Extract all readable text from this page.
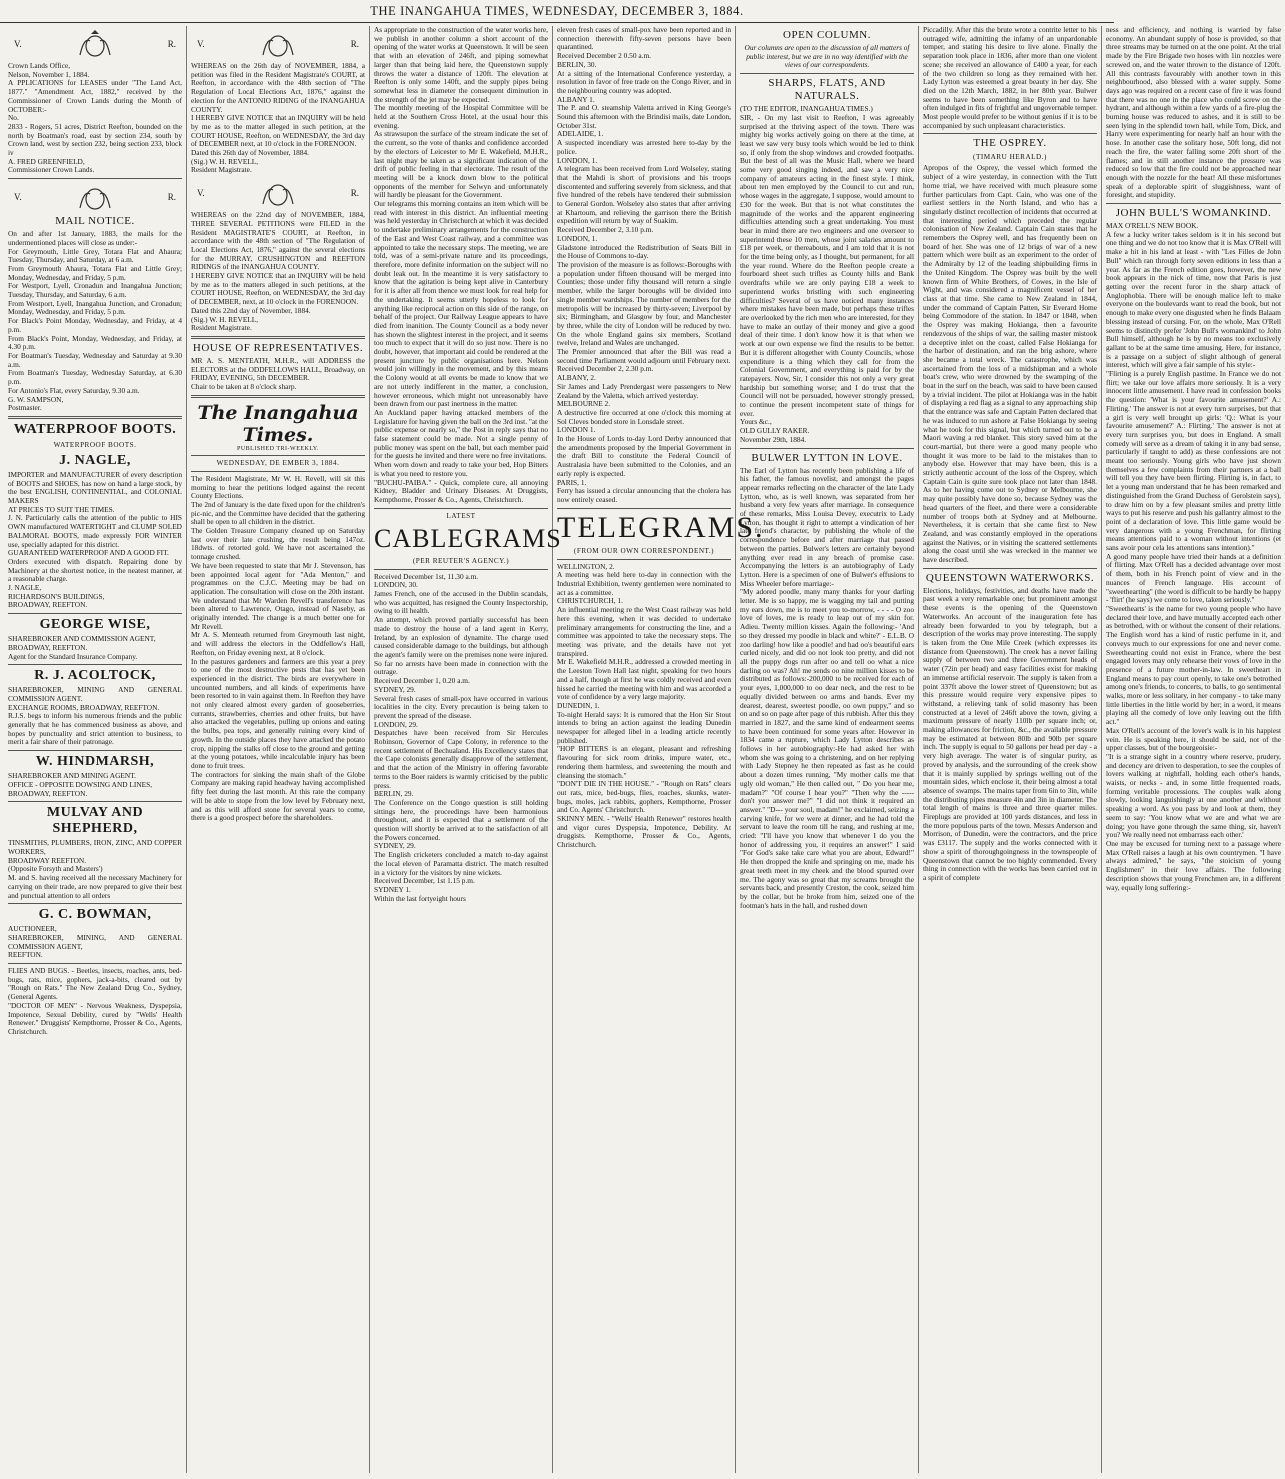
THE INANGAHUA TIMES, WEDNESDAY, DECEMBER 3, 1884.
V.	R.

Crown Lands Office,
Nelson, November 1, 1884.
A PPLICATIONS for LEASES under "The Land Act, 1877." "Amendment Act, 1882," received by the Commissioner of Crown Lands during the Month of OCTOBER:-
No.
2833 - Rogers, 51 acres, District Reefton, bounded on the north by Boatman's road, east by section 234, south by Crown land, west by section 232, being section 233, block iv
A. FRED GREENFIELD,
Commissioner Crown Lands.

V.	R.
MAIL NOTICE.

On and after 1st January, 1883, the mails for the undermentioned places will close as under:-
For Greymouth, Little Grey, Totara Flat and Ahaura; Tuesday, Thursday, and Saturday, at 6 a.m.
From Greymouth Ahaura, Totara Flat and Little Grey; Monday, Wednesday, and Friday, 5 p.m.
For Westport, Lyell, Cronadun and Inangahua Junction; Tuesday, Thursday, and Saturday, 6 a.m.
From Westport, Lyell, Inangahua Junction, and Cronadun; Monday, Wednesday, and Friday, 5 p.m.
For Black's Point Monday, Wednesday, and Friday, at 4 p.m.
From Black's Point, Monday, Wednesday, and Friday, at 4.30 p.m.
For Boatman's Tuesday, Wednesday and Saturday at 9.30 a.m.
From Boatman's Tuesday, Wednesday Saturday, at 6.30 p.m.
For Antonio's Flat, every Saturday, 9.30 a.m.
G. W. SAMPSON,
Postmaster.

WATERPROOF BOOTS.
WATERPROOF BOOTS.
J. NAGLE,

IMPORTER and MANUFACTURER of every description of BOOTS and SHOES, has now on hand a large stock, by the best ENGLISH, CONTINENTIAL, and COLONIAL MAKERS
AT PRICES TO SUIT THE TIMES.
J. N. Particularly calls the attention of the public to HIS OWN manufactured WATERTIGHT and CLUMP SOLED BALMORAL BOOTS, made expressly FOR WINTER use, specially adapted for this district.
GUARANTEED WATERPROOF AND A GOOD FIT.
Orders executed with dispatch. Repairing done by Machinery at the shortest notice, in the neatest manner, at a reasonable charge.
J. NAGLE,
RICHARDSON'S BUILDINGS,
BROADWAY, REEFTON.

GEORGE WISE,

SHAREBROKER AND COMMISSION AGENT,
BROADWAY, REEFTON.
Agent for the Standard Insurance Company.

R. J. ACOLTOCK,

SHAREBROKER, MINING AND GENERAL COMMISSION AGENT.
EXCHANGE ROOMS, BROADWAY, REEFTON.
R.J.S. begs to inform his numerous friends and the public generally that he has commenced business as above, and hopes by punctuality and strict attention to business, to merit a fair share of their patronage.

W. HINDMARSH,

SHAREBROKER AND MINING AGENT.
OFFICE - OPPOSITE DOWSING AND LINES,
BROADWAY, REEFTON.

MULVAY AND SHEPHERD,

TINSMITHS, PLUMBERS, IRON, ZINC, AND COPPER WORKERS,
BROADWAY REEFTON.
(Opposite Forsyth and Masters')
M. and S. having received all the necessary Machinery for carrying on their trade, are now prepared to give their best and punctual attention to all orders

G. C. BOWMAN,

AUCTIONEER,
SHAREBROKER, MINING, AND GENERAL COMMISSION AGENT,
REEFTON.

FLIES AND BUGS. - Beetles, insects, roaches, ants, bed-bugs, rats, mice, gophers, jack-a-bits, cleared out by "Rough on Rats." The New Zealand Drug Co., Sydney, (General Agents.
"DOCTOR OF MEN" - Nervous Weakness, Dyspepsia, Impotence, Sexual Debility, cured by "Wells' Health Renewer." Druggists' Kempthorne, Prosser & Co., Agents, Christchurch.

V.	R.

WHEREAS on the 26th day of NOVEMBER, 1884, a petition was filed in the Resident Magistrate's COURT, at Reefton, in accordance with the 48th section of "The Regulation of Local Elections Act, 1876," against the election for the ANTONIO RIDING of the INANGAHUA COUNTY.
I HEREBY GIVE NOTICE that an INQUIRY will be held by me as to the matter alleged in such petition, at the COURT HOUSE, Reefton, on WEDNESDAY, the 3rd day of DECEMBER next, at 10 o'clock in the FORENOON.
Dated this 26th day of November, 1884.
(Sig.) W. H. REVELL,
Resident Magistrate.

V.	R.

WHEREAS on the 22nd day of NOVEMBER, 1884, THREE SEVERAL PETITIONS were FILED in the Resident MAGISTRATE'S COURT, at Reefton, in accordance with the 48th section of "The Regulation of Local Elections Act, 1876," against the several elections for the MURRAY, CRUSHINGTON and REEFTON RIDINGS of the INANGAHUA COUNTY.
I HEREBY GIVE NOTICE that an INQUIRY will be held by me as to the matters alleged in such petitions, at the COURT HOUSE, Reefton, on WEDNESDAY, the 3rd day of DECEMBER, next, at 10 o'clock in the FORENOON.
Dated this 22nd day of November, 1884.
(Sig.) W. H. REVELL,
Resident Magistrate.

HOUSE OF REPRESENTATIVES.

MR A. S. MENTEATH, M.H.R., will ADDRESS the ELECTORS at the ODDFELLOWS HALL, Broadway, on FRIDAY, EVENING, 5th DECEMBER.
Chair to be taken at 8 o'clock sharp.

The Inangahua Times.
PUBLISHED TRI-WEEKLY.
WEDNESDAY, DE EMBER 3, 1884.

The Resident Magistrate, Mr W. H. Revell, will sit this morning to hear the petitions lodged against the recent County Elections.
The 2nd of January is the date fixed upon for the children's pic-nic, and the Committee have decided that the gathering shall be open to all children in the district.
The Golden Treasure Company cleaned up on Saturday last over their late crushing, the result being 147oz. 18dwts. of retorted gold. We have not ascertained the tonnage crushed.
We have been requested to state that Mr J. Stevenson, has been appointed local agent for "Ada Menton," and programmes on the C.J.C. Meeting may be had on application. The consultation will close on the 20th instant.
We understand that Mr Warden Revell's transference has been altered to Lawrence, Otago, instead of Naseby, as originally intended. The change is a much better one for Mr Revell.
Mr A. S. Menteath returned from Greymouth last night, and will address the electors in the Oddfellow's Hall, Reefton, on Friday evening next, at 8 o'clock.
In the pastures gardeners and farmers are this year a prey to one of the most destructive pests that has yet been experienced in the district. The birds are everywhere in uncounted numbers, and all kinds of experiments have been resorted to in vain against them. In Reefton they have not only cleared almost every garden of gooseberries, currants, strawberries, cherries and other fruits, but have also attacked the vegetables, pulling up onions and eating the bulbs, pea tops, and generally ruining every kind of growth. In the outside places they have attacked the potato crop, nipping the stalks off close to the ground and getting at the young potatoes, while incalculable injury has been done to fruit trees.
The contractors for sinking the main shaft of the Globe Company are making rapid headway having accomplished fifty feet during the last month. At this rate the company will be able to stope from the low level by February next, and as this will afford stone for several years to come, there is a good prospect before the shareholders.

As appropriate to the construction of the water works here, we publish in another column a short account of the opening of the water works at Queenstown. It will be seen that with an elevation of 246ft, and piping somewhat larger than that being laid here, the Queenstown supply throws the water a distance of 120ft. The elevation at Reefton is only some 140ft, and the supply pipes being somewhat less in diameter the consequent diminution in the strength of the jet may be expected.
The monthly meeting of the Hospital Committee will be held at the Southern Cross Hotel, at the usual hour this evening.
As strawsupon the surface of the stream indicate the set of the current, so the vote of thanks and confidence accorded by the electors of Leicester to Mr E. Wakefield, M.H.R., last night may be taken as a significant indication of the drift of public feeling in that electorate. The result of the meeting will be a knock down blow to the political opponents of the member for Selwyn and unfortunately will hardly be pleasant for the Government.
Our telegrams this morning contains an item which will be read with interest in this district. An influential meeting was held yesterday in Christchurch at which it was decided to undertake preliminary arrangements for the construction of the East and West Coast railway, and a committee was appointed to take the necessary steps. The meeting, we are told, was of a semi-private nature and its proceedings, therefore, more definite information on the subject will no doubt leak out. In the meantime it is very satisfactory to know that the agitation is being kept alive in Canterbury for it is after all from thence we must look for real help for the undertaking. It seems utterly hopeless to look for anything like reciprocal action on this side of the range, on behalf of the project. Our Railway League appears to have died from inanition. The County Council as a body never has shown the slightest interest in the project, and it seems too much to expect that it will do so just now. There is no doubt, however, that important aid could be rendered at the present juncture by public organisations here. Nelson would join willingly in the movement, and by this means the Colony would at all events be made to know that we are not utterly indifferent in the matter, a conclusion, however erroneous, which might not unreasonably have been drawn from our past inertness in the matter.
An Auckland paper having attacked members of the Legislature for having given the ball on the 3rd inst. "at the public expense or nearly so," the Post in reply says that no false statement could be made. Not a single penny of public money was spent on the ball, but each member paid for the guests he invited and there were no free invitations.
When worn down and ready to take your bed, Hop Bitters is what you need to restore you.
"BUCHU-PAIBA." - Quick, complete cure, all annoying Kidney, Bladder and Urinary Diseases. At Druggists, Kempthorne, Prosser & Co., Agents, Christchurch.

LATEST
CABLEGRAMS
(PER REUTER'S AGENCY.)

Received December 1st, 11.30 a.m.
LONDON, 30.
James French, one of the accused in the Dublin scandals, who was acquitted, has resigned the County Inspectorship, owing to ill health.
An attempt, which proved partially successful has been made to destroy the house of a land agent in Kerry, Ireland, by an explosion of dynamite. The charge used caused considerable damage to the buildings, but although the agent's family were on the premises none were injured. So far no arrests have been made in connection with the outrage.
Received December 1, 0.20 a.m.
SYDNEY, 29.
Several fresh cases of small-pox have occurred in various localities in the city. Every precaution is being taken to prevent the spread of the disease.
LONDON, 29.
Despatches have been received from Sir Hercules Robinson, Governor of Cape Colony, in reference to the recent settlement of Bechualand. His Excellency states that the Cape colonists generally disapprove of the settlement, and that the action of the Ministry in offering favorable terms to the Boer raiders is warmly criticised by the public press.
BERLIN, 29.
The Conference on the Congo question is still holding sittings here, the proceedings have been harmonious throughout, and it is expected that a settlement of the question will shortly be arrived at to the satisfaction of all the Powers concerned.
SYDNEY, 29.
The English cricketers concluded a match to-day against the local eleven of Paramatta district. The match resulted in a victory for the visitors by nine wickets.
Received December, 1st 1.15 p.m.
SYDNEY 1.
Within the last fortyeight hours

eleven fresh cases of small-pox have been reported and in connection therewith fifty-seven persons have been quarantined.
Received December 2 0.50 a.m.
BERLIN, 30.
At a sitting of the International Conference yesterday, a resolution in favor of free trade on the Congo River, and in the neighbouring country was adopted.
ALBANY 1.
The P. and O. steamship Valetta arrived in King George's Sound this afternoon with the Brindisi mails, date London, October 31st.
ADELAIDE, 1.
A suspected incendiary was arrested here to-day by the police.
LONDON, 1.
A telegram has been received from Lord Wolseley, stating that the Mahdi is short of provisions and his troops discontented and suffering severely from sickness, and that five hundred of the rebels have tendered their submission to General Gordon. Wolseley also states that after arriving at Khartoum, and relieving the garrison there the British expedition will return by way of Suakim.
Received December 2, 3.10 p.m.
LONDON, 1.
Gladstone introduced the Redistribution of Seats Bill in the House of Commons to-day.
The provision of the measure is as follows:-Boroughs with a population under fifteen thousand will be merged into Counties; those under fifty thousand will return a single member, while the larger boroughs will be divided into single member wardships. The number of members for the metropolis will be increased by thirty-seven; Liverpool by six; Birmingham, and Glasgow by four, and Manchester by three, while the city of London will be reduced by two. On the whole England gains six members, Scotland twelve, Ireland and Wales are unchanged.
The Premier announced that after the Bill was read a second time Parliament would adjourn until February next.
Received December 2, 2.30 p.m.
ALBANY, 2.
Sir James and Lady Prendergast were passengers to New Zealand by the Valetta, which arrived yesterday.
MELBOURNE 2.
A destructive fire occurred at one o'clock this morning at Sol Cleves bonded store in Lonsdale street.
LONDON 1.
In the House of Lords to-day Lord Derby announced that the amendments proposed by the Imperial Government in the draft Bill to constitute the Federal Council of Australasia have been submitted to the Colonies, and an early reply is expected.
PARIS, 1.
Ferry has issued a circular announcing that the cholera has now entirely ceased.

TELEGRAMS.
(FROM OUR OWN CORRESPONDENT.)

WELLINGTON, 2.
A meeting was held here to-day in connection with the Industrial Exhibition, twenty gentlemen were nominated to act as a committee.
CHRISTCHURCH, 1.
An influential meeting re the West Coast railway was held here this evening, when it was decided to undertake preliminary arrangements for constructing the line, and a committee was appointed to take the necessary steps. The meeting was private, and the details have not yet transpired.
Mr E. Wakefield M.H.R., addressed a crowded meeting in the Leeston Town Hall last night, speaking for two hours and a half, though at first he was coldly received and even hissed he carried the meeting with him and was accorded a vote of confidence by a very large majority.
DUNEDIN, 1.
To-night Herald says: It is rumored that the Hon Sir Stout intends to bring an action against the leading Dunedin newspaper for alleged libel in a leading article recently published.
"HOP BITTERS is an elegant, pleasant and refreshing flavouring for sick room drinks, impure water, etc., rendering them harmless, and sweetening the mouth and cleansing the stomach."
"DON'T DIE IN THE HOUSE." - "Rough on Rats" clears out rats, mice, bed-bugs, flies, roaches, skunks, water-bugs, moles, jack rabbits, gophers, Kempthorne, Prosser and Co. Agents' Christchurch.
SKINNY MEN. - "Wells' Health Renewer" restores health and vigor cures Dyspepsia, Impotence, Debility. At druggists. Kempthorne, Prosser & Co., Agents, Christchurch.

OPEN COLUMN.

Our columns are open to the discussion of all matters of public interest, but we are in no way identified with the views of our correspondents.

SHARPS, FLATS, AND NATURALS.

(TO THE EDITOR, INANGAHUA TIMES.)
SIR, - On my last visit to Reefton, I was agreeably surprised at the thriving aspect of the town. There was mighty big works actively going on there at the time, at least we saw very busy tools which would be led to think so, if only from the shop windows and crowded footpaths. But the best of all was the Music Hall, where we heard some very good singing indeed, and saw a very nice company of amateurs acting in the finest style. I think, about ten men employed by the Council to cut and run, whose wages in the aggregate, I suppose, would amount to £30 for the week. But that is not what constitutes the magnitude of the works and the apparent engineering difficulties attending such a great undertaking. You must bear in mind there are two engineers and one overseer to superintend these 10 men, whose joint salaries amount to £18 per week, or thereabouts, and I am told that it is not for the time being only, as I thought, but permanent, for all the year round. Where do the Reefton people create a fourboard sheet such trifles as County hills and Bank overdrafts while we are only paying £18 a week to superintend works bristling with such engineering difficulties? Several of us have noticed many instances where mistakes have been made, but perhaps these trifles are overlooked by the rich men who are interested, for they have to make an outlay of their money and give a good deal of their time. I don't know how it is that when we work at our own expense we find the results to be better. But it is different altogether with County Councils, whose expenditure is a thing which they call for from the Colonial Government, and everything is paid for by the ratepayers. Now, Sir, I consider this not only a very great hardship but something worse; and I do trust that the Council will not be persuaded, however strongly pressed, to continue the present incompetent state of things for ever.
Yours &c.,
OLD GULLY RAKER.
November 29th, 1884.

BULWER LYTTON IN LOVE.

The Earl of Lytton has recently been publishing a life of his father, the famous novelist, and amongst the pages appear remarks reflecting on the character of the late Lady Lytton, who, as is well known, was separated from her husband a very few years after marriage. In consequence of these remarks, Miss Louisa Devey, executrix to Lady Lytton, has thought it right to attempt a vindication of her late friend's character, by publishing the whole of the correspondence before and after marriage that passed between the parties. Bulwer's letters are certainly beyond anything ever read in any breach of promise case. Accompanying the letters is an autobiography of Lady Lytton. Here is a specimen of one of Bulwer's effusions to Miss Wheeler before marriage:-
"My adored poodle, many many thanks for your darling letter. Me is so happy, me is wagging my tail and putting my ears down, me is to meet you to-morrow, - - - - O zoo love of loves, me is ready to leap out of my skin for. Adieu. Twenty million kisses. Again the following:- 'And so they dressed my poodle in black and white?' - E.L.B. O zoo darling! how like a poodle! and had oo's beautiful ears curled nicely, and did oo not look too pretty, and did not all the puppy dogs run after oo and tell oo what a nice darling oo was? Ah! me sends oo nine million kisses to be distributed as follows:-200,000 to be received for each of your eyes, 1,000,000 to oo dear neck, and the rest to be equally divided between oo arms and hands. Ever my dearest, dearest, sweetest poodle, oo own puppy," and so on and so on page after page of this rubbish. After this they married in 1827, and the same kind of endearment seems to have been continued for some years after. However in 1834 came a rupture, which Lady Lytton describes as follows in her autobiography:-He had asked her with whom she was going to a christening, and on her replying with Lady Stepney he then repeated as fast as he could about a dozen times running, "My mother calls me that ugly old woman," He then called out, " Do you hear me, madam?" "Of course I hear you?" "Then why the ----- don't you answer me?" "I did not think it required an answer." "D--- your soul, madam!" he exclaimed, seizing a carving knife, for we were at dinner, and he had told the servant to leave the room till he rang, and rushing at me, cried: "I'll have you know that whenever I do you the honor of addressing you, it requires an answer!" I said "For God's sake take care what you are about, Edward!" He then dropped the knife and springing on me, made his great teeth meet in my cheek and the blood spurted over me. The agony was so great that my screams brought the servants back, and presently Creston, the cook, seized him by the collar, but he broke from him, seized one of the footman's hats in the hall, and rushed down

Piccadilly. After this the brute wrote a contrite letter to his outraged wife, admitting the infamy of an unpardonable temper, and stating his desire to live alone. Finally the separation took place in 1836, after more than one violent scene; she received an allowance of £400 a year, for each of the two children so long as they remained with her. Lady Lytton was esteemed a great beauty in her day. She died on the 12th March, 1882, in her 80th year. Bulwer seems to have been something like Byron and to have often indulged in fits of frightful and ungovernable temper. Most people would prefer to be without genius if it is to be accompanied by such unpleasant characteristics.

THE OSPREY.
(TIMARU HERALD.)

Apropos of the Osprey, the vessel which formed the subject of a wire yesterday, in connection with the Tutt horne trial, we have received with much pleasure some further particulars from Capt. Cain, who was one of the earliest settlers in the North Island, and who has a singularly distinct recollection of incidents that occurred at that interesting period which preceded the regular colonisation of New Zealand. Captain Cain states that he remembers the Osprey well, and has frequently been on board of her. She was one of 12 brigs of war of a new pattern which were built as an experiment to the order of the Admiralty by 12 of the leading shipbuilding firms in the United Kingdom. The Osprey was built by the well known firm of White Brothers, of Cowes, in the Isle of Wight, and was considered a magnificent vessel of her class at that time. She came to New Zealand in 1844, under the command of Captain Patten, Sir Everard Home being Commodore of the station. In 1847 or 1848, when the Osprey was making Hokianga, then a favourite rendezvous of the ships of war, the sailing master mistook a deceptive inlet on the coast, called False Hokianga for the harbor of destination, and ran the brig ashore, where she became a total wreck. The catastrophe, which was ascertained from the loss of a midshipman and a whole boat's crew, who were drowned by the swamping of the boat in the surf on the beach, was said to have been caused by a trivial incident. The pilot at Hokianga was in the habit of displaying a red flag as a signal to any approaching ship that the entrance was safe and Captain Patten declared that he was induced to run ashore at False Hokianga by seeing what he took for this signal, but which turned out to be a Maori waving a red blanket. This story saved him at the court-martial, but there were a good many people who thought it was more to be laid to the mistakes than to anybody else. However that may have been, this is a strictly authentic account of the loss of the Osprey, which Captain Cain is quite sure took place not later than 1848. As to her having come out to Sydney or Melbourne, she may quite possibly have done so, because Sydney was the head quarters of the fleet, and there were a considerable number of troops both at Sydney and at Melbourne. Nevertheless, it is certain that she came first to New Zealand, and was constantly employed in the operations against the Natives, or in visiting the scattered settlements along the coast until she was wrecked in the manner we have described.

QUEENSTOWN WATERWORKS.

Elections, holidays, festivities, and deaths have made the past week a very remarkable one; but prominent amongst these events is the opening of the Queenstown Waterworks. An account of the inauguration fete has already been forwarded to you by telegraph, but a description of the works may prove interesting. The supply is taken from the One Mile Creek (which expresses its distance from Queenstown). The creek has a never failing supply of between two and three Government heads of water (72in per head) and easy facilities exist for making an immense artificial reservoir. The supply is taken from a point 337ft above the lower street of Queenstown; but as this pressure would require very expensive pipes to withstand, a relieving tank of solid masonry has been constructed at a level of 246ft above the town, giving a maximum pressure of nearly 110lb per square inch; or, making allowances for friction, &c., the available pressure may be estimated at between 80lb and 90lb per square inch. The supply is equal to 50 gallons per head per day - a very high average. The water is of singular purity, as proved by analysis, and the surrounding of the creek show that it is mainly supplied by springs welling out of the mountain sides, which enclose it, their being almost a total absence of swamps. The mains taper from 6in to 3in, while the distributing pipes measure 4in and 3in in diameter. The total length of mains is three and three quarter miles. Fireplugs are provided at 100 yards distances, and less in the more populous parts of the town. Messrs Anderson and Morrison, of Dunedin, were the contractors, and the price was £3117. The supply and the works connected with it show a spirit of thoroughgoingness in the townspeople of Queenstown that cannot be too highly commended. Every thing in connection with the works has been carried out in a spirit of complete

ness and efficiency, and nothing is warried by false economy. An abundant supply of hose is provided, so that three streams may be turned on at the one point. At the trial made by the Fire Brigade two hoses with 1in nozzles were screwed on, and the water thrown to the distance of 120ft. All this contrasts favourably with another town in this neighbourhood, also blessed with a water supply. Some days ago was required on a recent case of fire it was found that there was no one in the place who could screw on the hydrant, and although within a few yards of a fire-plug the burning house was reduced to ashes, and it is still to be seen lying in the splendid town hall, while Tom, Dick, and Harry were experimenting for nearly half an hour with the hose. In another case the solitary hose, 50ft long, did not reach the fire, the water falling some 20ft short of the flames; and in still another instance the pressure was reduced so low that the fire could not be approached near enough with the nozzle for the heat! All these misfortunes speak of a deplorable spirit of sluggishness, want of foresight, and stupidity.

JOHN BULL'S WOMANKIND.

MAX O'RELL'S NEW BOOK.
A few a lucky writer takes seldom is it in his second but one thing and we do not too know that it is Max O'Rell will make a hit in his land at least - with "Les Filles de John Bull" which ran through forty seven editions in less than a year. As far as the French edition goes, however, the new book appears in the nick of time, now that Paris is just getting over the recent furor in the sharp attack of Anglophobia. There will be enough malice left to make everyone on the boulevards want to read the book, but not enough to make every one disgusted when he finds Balaam blessing instead of cursing. For, on the whole, Max O'Rell seems to distinctly prefer 'John Bull's womankind' to John Bull himself, although he is by no means too exclusively gallant to be at the same time amusing. Here, for instance, is a passage on a subject of slight although of general interest, which will give a fair sample of his style:-
"Flirting is a purely English pastime. In France we do not flirt; we take our love affairs more seriously. It is a very innocent little amusement. I have read in confession books the question: 'What is your favourite amusement?' A.: Flirting.' The answer is not at every turn surprises, but that a girl is very well brought up girls: 'Q.: What is your favourite amusement?' A.: Flirting.' The answer is not at every turn surprises you, but does in England. A small comedy will serve as a dream of taking it in any bad sense, particularly if taught to add) as these confessions are not meant too seriously. Young girls who have just shown themselves a few complaints from their partners at a ball will tell you they have been flirting. Flirting is, in fact, to let a young man understand that he has been remarked and distinguished from the Grand Duchess of Gerolstein says), to draw him on by a few pleasant smiles and pretty little ways to put his reserve and push his gallantry almost to the point of a declaration of love. This little game would be very dangerous with a young Frenchman, for flirting means attentions paid to a woman without intentions (et sans avoir pour cela les attentions sans intention)."
A good many people have tried their hands at a definition of flirting. Max O'Rell has a decided advantage over most of them, both in his French point of view and in the nuances of French language. His account of "sweethearting" (the word is difficult to be hardly be happy - 'flirt' (he says) we come to love, taken seriously."
"Sweethearts' is the name for two young people who have declared their love, and have mutually accepted each other as betrothed, with or without the consent of their relations. The English word has a kind of rustic perfume in it, and conveys much to our expressions for one and never come. Sweethearting could not exist in France, where the best engaged lovers may only rehearse their vows of love in the presence of a future mother-in-law. In sweetheart in England means to pay court openly, to take one's betrothed among one's friends, to concerts, to balls, to go sentimental walks, more or less solitary, in her company - to take many little liberties in the little world by her; in a word, it means playing all the comedy of love only leaving out the fifth act."
Max O'Rell's account of the lover's walk is in his happiest vein. He is speaking here, it should be said, not of the upper classes, but of the bourgeoisie:-
"It is a strange sight in a country where reserve, prudery, and decency are driven to desperation, to see the couples of lovers walking at nightfall, holding each other's hands, waists, or necks - and, in some little frequented roads, forming veritable processions. The couples walk along slowly, looking languishingly at one another and without speaking a word. As you pass by and look at them, they seem to say: 'You know what we are and what we are doing; you have gone through the same thing, sir, haven't you? We really need not embarrass each other.'
One may be excused for turning next to a passage where Max O'Rell raises a laugh at his own countrymen. "I have always admired," he says, "the stoicism of young Englishmen" in their love affairs. The following description shows that young Frenchmen are, in a different way, equally long suffering:-
